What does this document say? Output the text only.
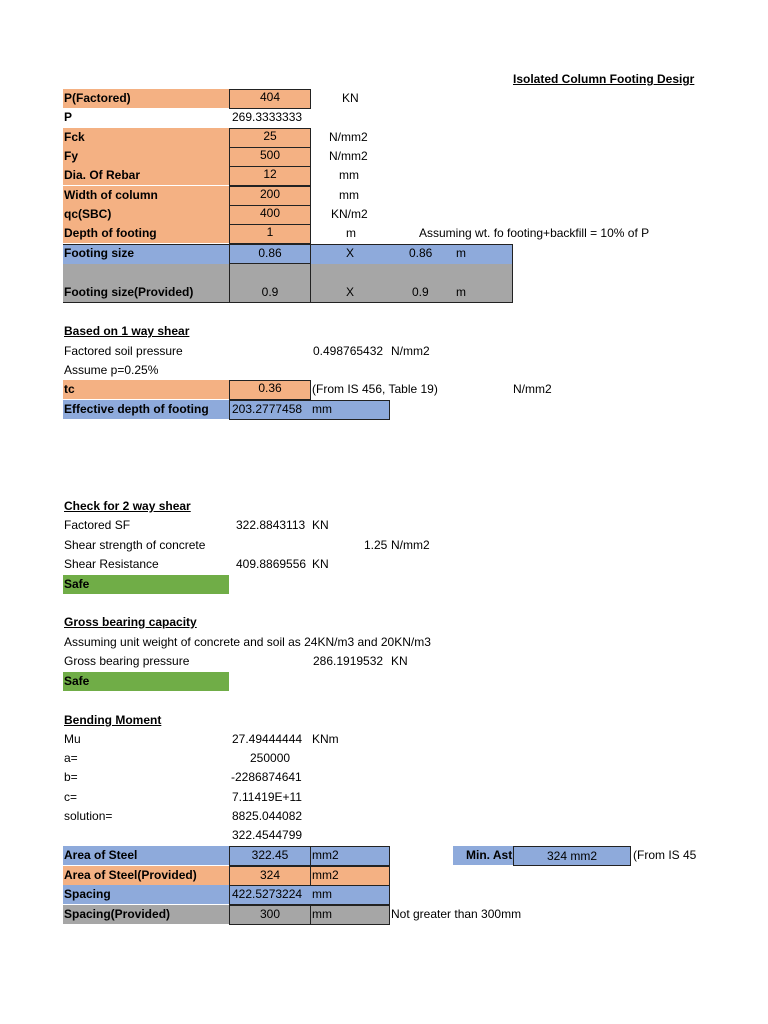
Isolated Column Footing Desigr
P(Factored)	404	KN
P	269.3333333
Fck	25	N/mm2
Fy	500	N/mm2
Dia. Of Rebar	12	mm
Width of column	200	mm
qc(SBC)	400	KN/m2
Depth of footing	1	m	Assuming wt. fo footing+backfill = 10% of P
Footing size	0.86	X	0.86 m
Footing size(Provided)	0.9	X	0.9 m
Based on 1 way shear
Factored soil pressure	0.498765432 N/mm2
Assume p=0.25%
tc	0.36	(From IS 456, Table 19)	N/mm2
Effective depth of footing 203.2777458 mm
Check for 2 way shear
Factored SF	322.8843113 KN
Shear strength of concrete	1.25 N/mm2
Shear Resistance	409.8869556 KN
Safe
Gross bearing capacity
Assuming unit weight of concrete and soil as 24KN/m3 and 20KN/m3
Gross bearing pressure	286.1919532 KN
Safe
Bending Moment
Mu	27.49444444 KNm
a=	250000
b=	-2286874641
c=	7.11419E+11
solution=	8825.044082
322.4544799
Area of Steel	322.45	mm2	Min. Ast	324 mm2	(From IS 45
Area of Steel(Provided)	324	mm2
Spacing	422.5273224 mm
Spacing(Provided)	300	mm	Not greater than 300mm
